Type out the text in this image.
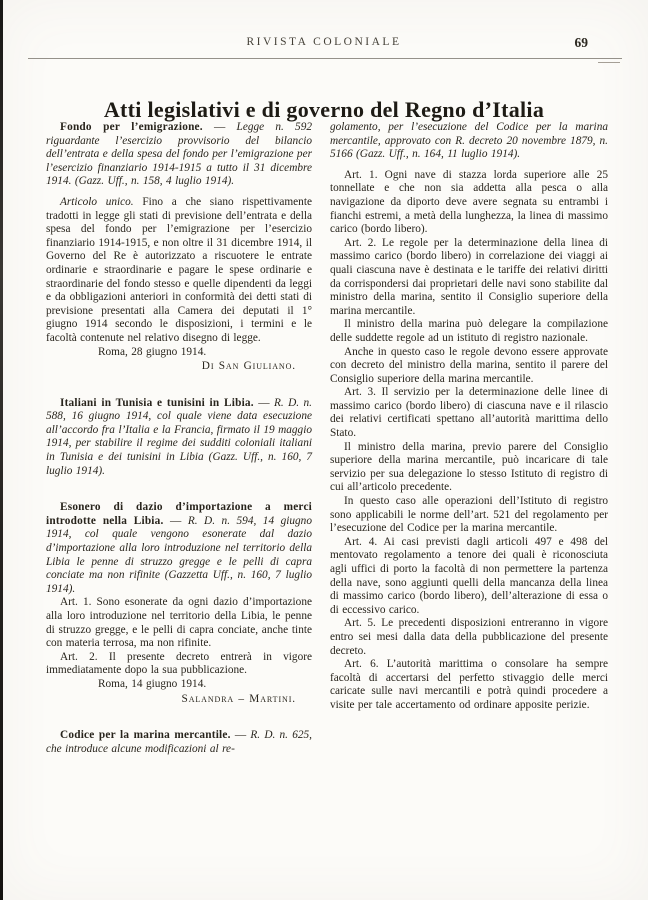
RIVISTA COLONIALE	69
Atti legislativi e di governo del Regno d’Italia

Fondo per l’emigrazione. — Legge n. 592 riguardante l’esercizio provvisorio del bilancio dell’entrata e della spesa del fondo per l’emigrazione per l’esercizio finanziario 1914-1915 a tutto il 31 dicembre 1914. (Gazz. Uff., n. 158, 4 luglio 1914).

Articolo unico. Fino a che siano rispettivamente tradotti in legge gli stati di previsione dell’entrata e della spesa del fondo per l’emigrazione per l’esercizio finanziario 1914-1915, e non oltre il 31 dicembre 1914, il Governo del Re è autorizzato a riscuotere le entrate ordinarie e straordinarie e pagare le spese ordinarie e straordinarie del fondo stesso e quelle dipendenti da leggi e da obbligazioni anteriori in conformità dei detti stati di previsione presentati alla Camera dei deputati il 1° giugno 1914 secondo le disposizioni, i termini e le facoltà contenute nel relativo disegno di legge.

Roma, 28 giugno 1914.

Di San Giuliano.

Italiani in Tunisia e tunisini in Libia. — R. D. n. 588, 16 giugno 1914, col quale viene data esecuzione all’accordo fra l’Italia e la Francia, firmato il 19 maggio 1914, per stabilire il regime dei sudditi coloniali italiani in Tunisia e dei tunisini in Libia (Gazz. Uff., n. 160, 7 luglio 1914).

Esonero di dazio d’importazione a merci introdotte nella Libia. — R. D. n. 594, 14 giugno 1914, col quale vengono esonerate dal dazio d’importazione alla loro introduzione nel territorio della Libia le penne di struzzo gregge e le pelli di capra conciate ma non rifinite (Gazzetta Uff., n. 160, 7 luglio 1914).

Art. 1. Sono esonerate da ogni dazio d’importazione alla loro introduzione nel territorio della Libia, le penne di struzzo gregge, e le pelli di capra conciate, anche tinte con materia terrosa, ma non rifinite.

Art. 2. Il presente decreto entrerà in vigore immediatamente dopo la sua pubblicazione.

Roma, 14 giugno 1914.

Salandra – Martini.

Codice per la marina mercantile. — R. D. n. 625, che introduce alcune modificazioni al re-

golamento, per l’esecuzione del Codice per la marina mercantile, approvato con R. decreto 20 novembre 1879, n. 5166 (Gazz. Uff., n. 164, 11 luglio 1914).

Art. 1. Ogni nave di stazza lorda superiore alle 25 tonnellate e che non sia addetta alla pesca o alla navigazione da diporto deve avere segnata su entrambi i fianchi estremi, a metà della lunghezza, la linea di massimo carico (bordo libero).

Art. 2. Le regole per la determinazione della linea di massimo carico (bordo libero) in correlazione dei viaggi ai quali ciascuna nave è destinata e le tariffe dei relativi diritti da corrispondersi dai proprietari delle navi sono stabilite dal ministro della marina, sentito il Consiglio superiore della marina mercantile.

Il ministro della marina può delegare la compilazione delle suddette regole ad un istituto di registro nazionale.

Anche in questo caso le regole devono essere approvate con decreto del ministro della marina, sentito il parere del Consiglio superiore della marina mercantile.

Art. 3. Il servizio per la determinazione delle linee di massimo carico (bordo libero) di ciascuna nave e il rilascio dei relativi certificati spettano all’autorità marittima dello Stato.

Il ministro della marina, previo parere del Consiglio superiore della marina mercantile, può incaricare di tale servizio per sua delegazione lo stesso Istituto di registro di cui all’articolo precedente.

In questo caso alle operazioni dell’Istituto di registro sono applicabili le norme dell’art. 521 del regolamento per l’esecuzione del Codice per la marina mercantile.

Art. 4. Ai casi previsti dagli articoli 497 e 498 del mentovato regolamento a tenore dei quali è riconosciuta agli uffici di porto la facoltà di non permettere la partenza della nave, sono aggiunti quelli della mancanza della linea di massimo carico (bordo libero), dell’alterazione di essa o di eccessivo carico.

Art. 5. Le precedenti disposizioni entreranno in vigore entro sei mesi dalla data della pubblicazione del presente decreto.

Art. 6. L’autorità marittima o consolare ha sempre facoltà di accertarsi del perfetto stivaggio delle merci caricate sulle navi mercantili e potrà quindi procedere a visite per tale accertamento od ordinare apposite perizie.
